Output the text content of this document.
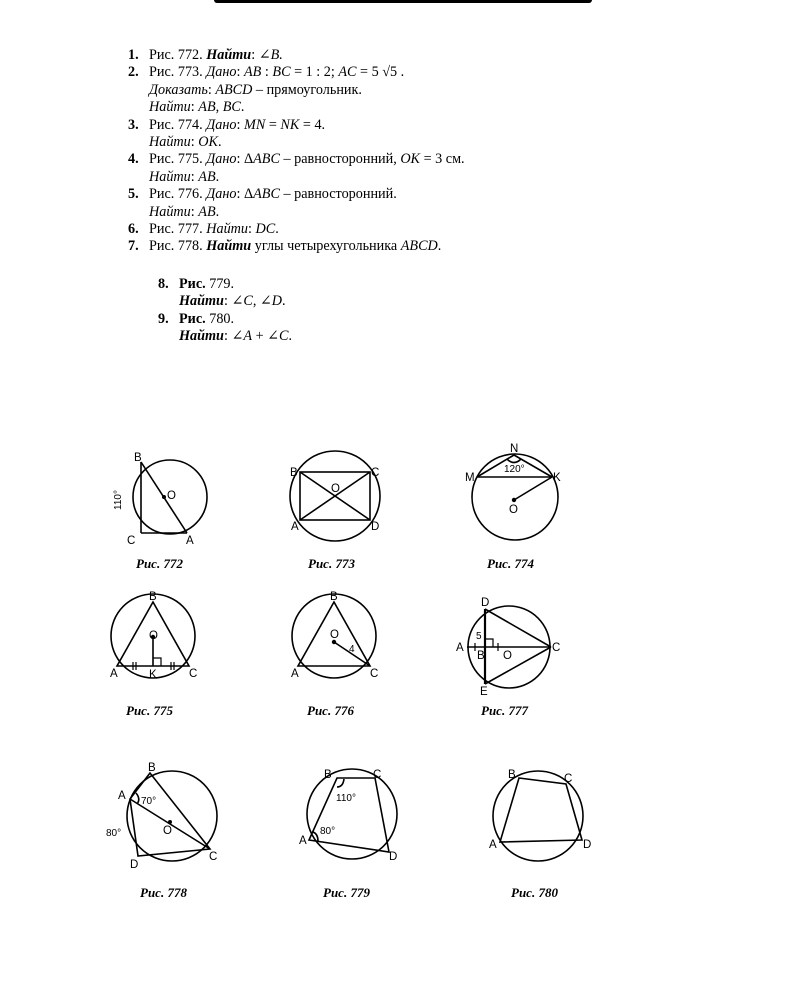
1. Рис. 772. Найти: ∠B.
2. Рис. 773. Дано: AB : BC = 1 : 2; AC = 5 √5 .
Доказать: ABCD – прямоугольник.
Найти: AB, BC.
3. Рис. 774. Дано: MN = NK = 4.
Найти: OK.
4. Рис. 775. Дано: ΔABC – равносторонний, OK = 3 см.
Найти: AB.
5. Рис. 776. Дано: ΔABC – равносторонний.
Найти: AB.
6. Рис. 777. Найти: DC.
7. Рис. 778. Найти углы четырехугольника ABCD.
8. Рис. 779.
Найти: ∠C, ∠D.
9. Рис. 780.
Найти: ∠A + ∠C.
B
C	A
O
110°
B	C
A	D
O
N
M	K
O
120°
B
A	K	C
O
B
A	C
O
4
D
A
B O
C
E
5
B
A
C
D
O
70°
80°
B	C
A
D
110°
80°
B	C
A	D
Рис. 772	Рис. 773	Рис. 774
Рис. 775	Рис. 776	Рис. 777
Рис. 778	Рис. 779	Рис. 780
